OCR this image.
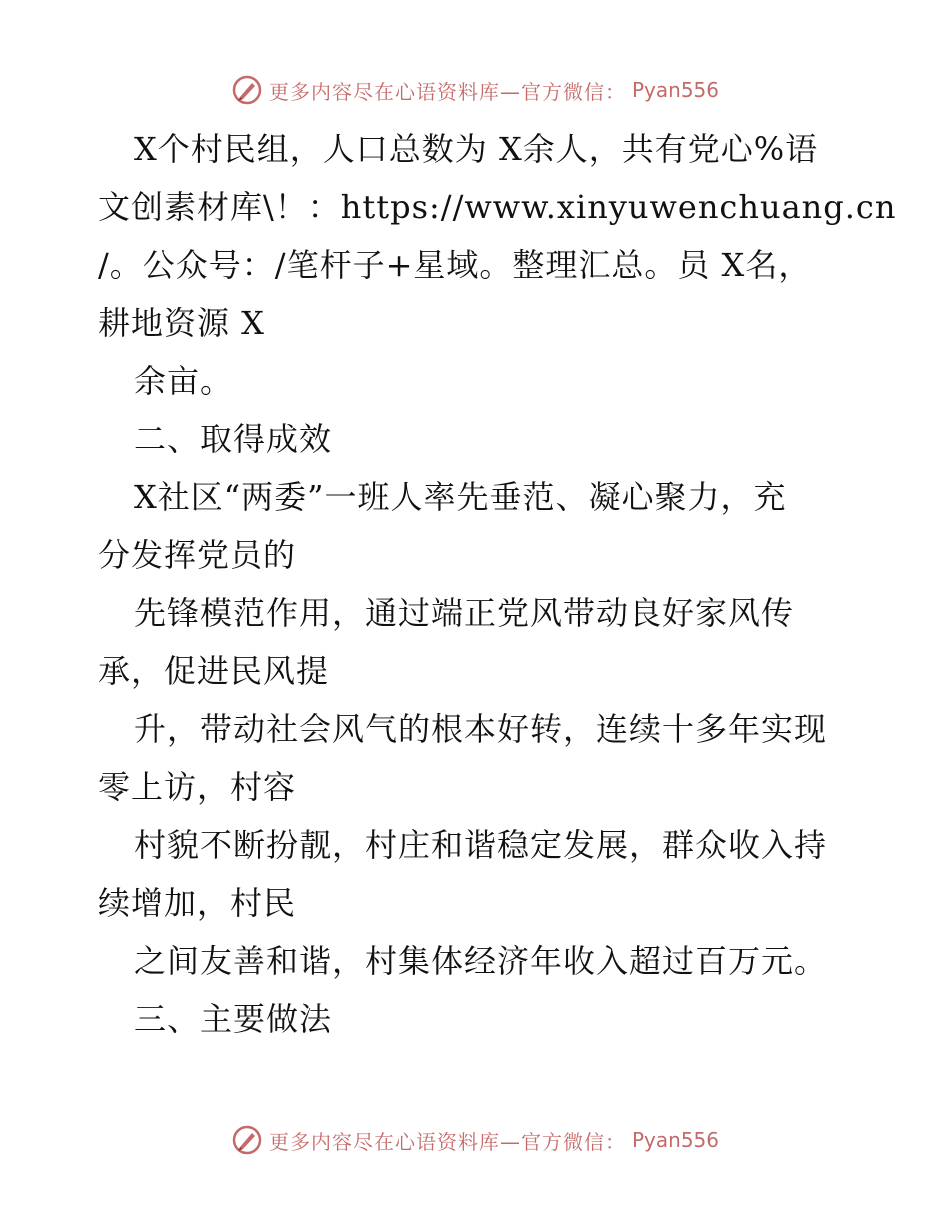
更多内容尽在心语资料库—官方微信： Pyan556
X个村民组，人口总数为 X余人，共有党心%语
文创素材库\！：https://www.xinyuwenchuang.cn
/。公众号：/笔杆子+星域。整理汇总。员 X名，
耕地资源 X
余亩。
二、取得成效
X社区“两委”一班人率先垂范、凝心聚力，充
分发挥党员的
先锋模范作用，通过端正党风带动良好家风传
承，促进民风提
升，带动社会风气的根本好转，连续十多年实现
零上访，村容
村貌不断扮靓，村庄和谐稳定发展，群众收入持
续增加，村民
之间友善和谐，村集体经济年收入超过百万元。
三、主要做法
更多内容尽在心语资料库—官方微信： Pyan556
